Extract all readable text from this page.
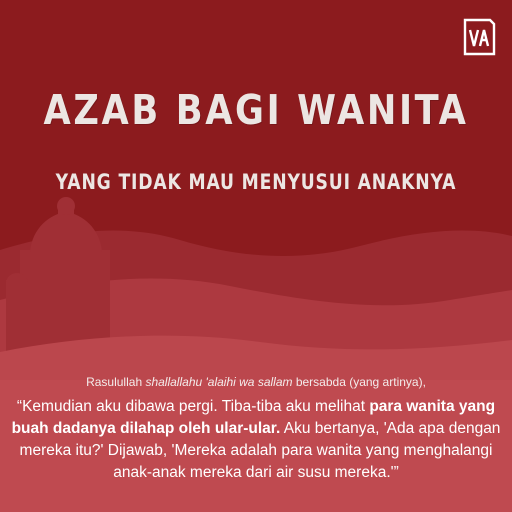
AZAB BAGI WANITA
YANG TIDAK MAU MENYUSUI ANAKNYA
Rasulullah shallallahu 'alaihi wa sallam bersabda (yang artinya),
“Kemudian aku dibawa pergi. Tiba-tiba aku melihat para wanita yang buah dadanya dilahap oleh ular-ular. Aku bertanya, 'Ada apa dengan mereka itu?' Dijawab, 'Mereka adalah para wanita yang menghalangi anak-anak mereka dari air susu mereka.'”
